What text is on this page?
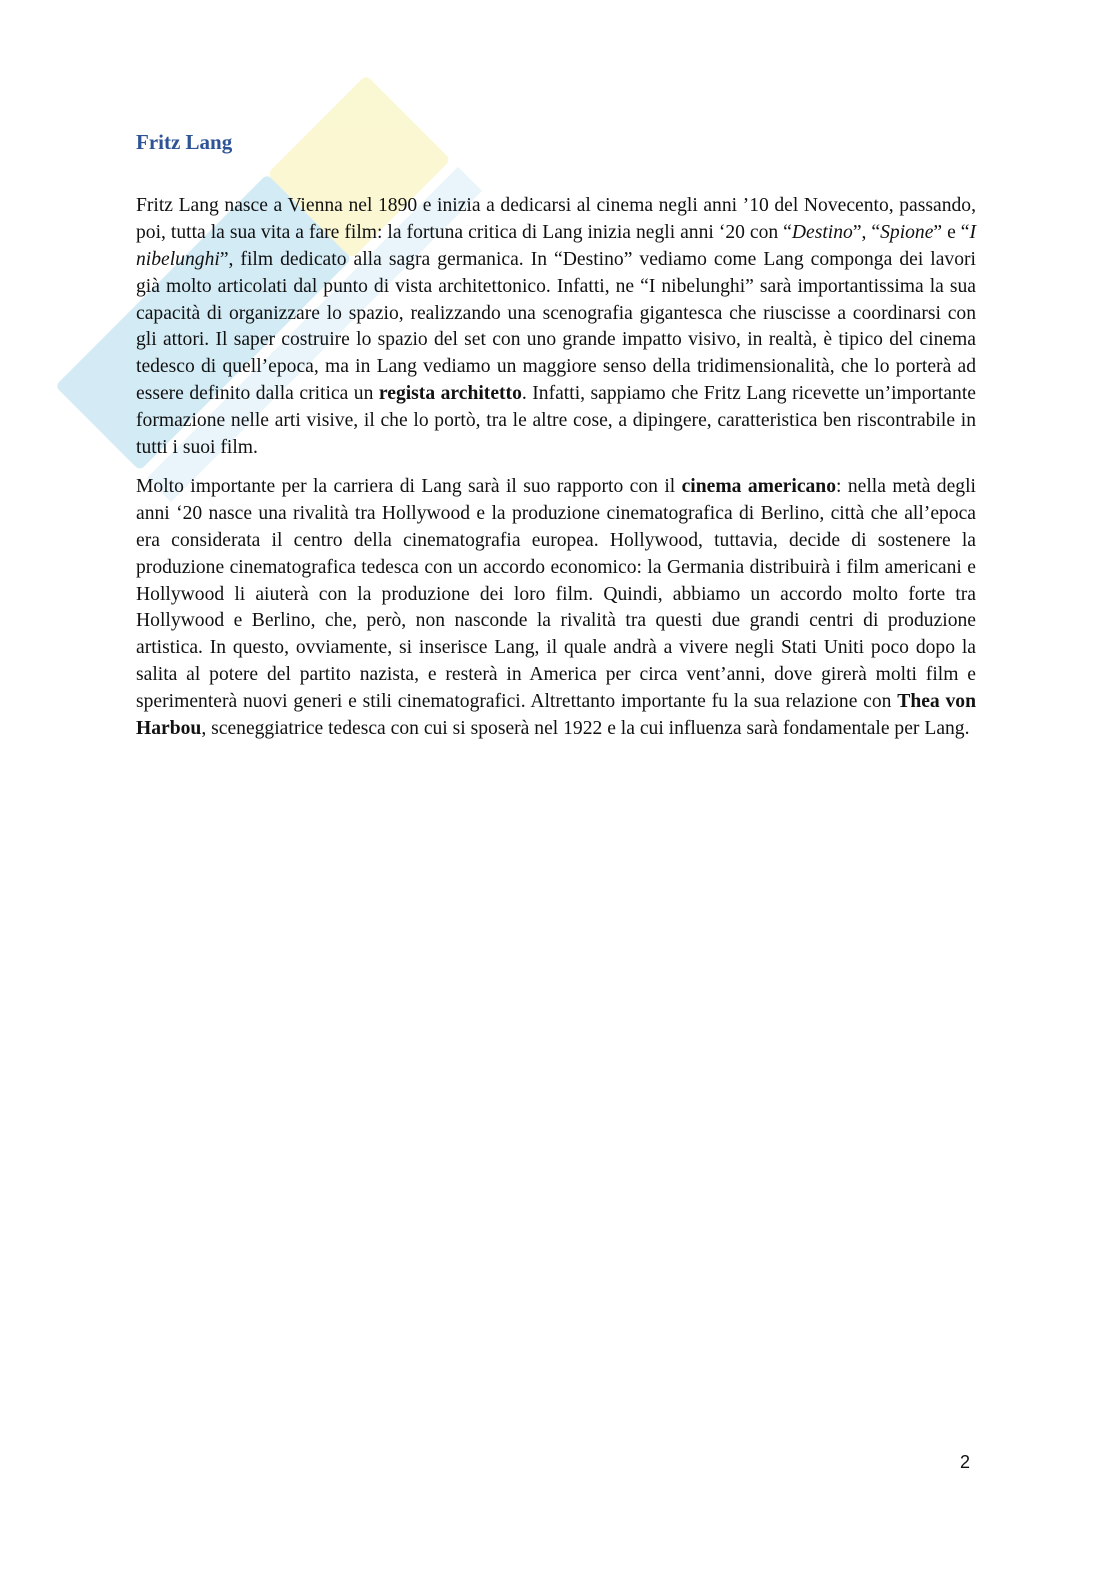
Fritz Lang

Fritz Lang nasce a Vienna nel 1890 e inizia a dedicarsi al cinema negli anni ’10 del Novecento, passando, poi, tutta la sua vita a fare film: la fortuna critica di Lang inizia negli anni ‘20 con “Destino”, “Spione” e “I nibelunghi”, film dedicato alla sagra germanica. In “Destino” vediamo come Lang componga dei lavori già molto articolati dal punto di vista architettonico. Infatti, ne “I nibelunghi” sarà importantissima la sua capacità di organizzare lo spazio, realizzando una scenografia gigantesca che riuscisse a coordinarsi con gli attori. Il saper costruire lo spazio del set con uno grande impatto visivo, in realtà, è tipico del cinema tedesco di quell’epoca, ma in Lang vediamo un maggiore senso della tridimensionalità, che lo porterà ad essere definito dalla critica un regista architetto. Infatti, sappiamo che Fritz Lang ricevette un’importante formazione nelle arti visive, il che lo portò, tra le altre cose, a dipingere, caratteristica ben riscontrabile in tutti i suoi film.

Molto importante per la carriera di Lang sarà il suo rapporto con il cinema americano: nella metà degli anni ‘20 nasce una rivalità tra Hollywood e la produzione cinematografica di Berlino, città che all’epoca era considerata il centro della cinematografia europea. Hollywood, tuttavia, decide di sostenere la produzione cinematografica tedesca con un accordo economico: la Germania distribuirà i film americani e Hollywood li aiuterà con la produzione dei loro film. Quindi, abbiamo un accordo molto forte tra Hollywood e Berlino, che, però, non nasconde la rivalità tra questi due grandi centri di produzione artistica. In questo, ovviamente, si inserisce Lang, il quale andrà a vivere negli Stati Uniti poco dopo la salita al potere del partito nazista, e resterà in America per circa vent’anni, dove girerà molti film e sperimenterà nuovi generi e stili cinematografici. Altrettanto importante fu la sua relazione con Thea von Harbou, sceneggiatrice tedesca con cui si sposerà nel 1922 e la cui influenza sarà fondamentale per Lang.

2
